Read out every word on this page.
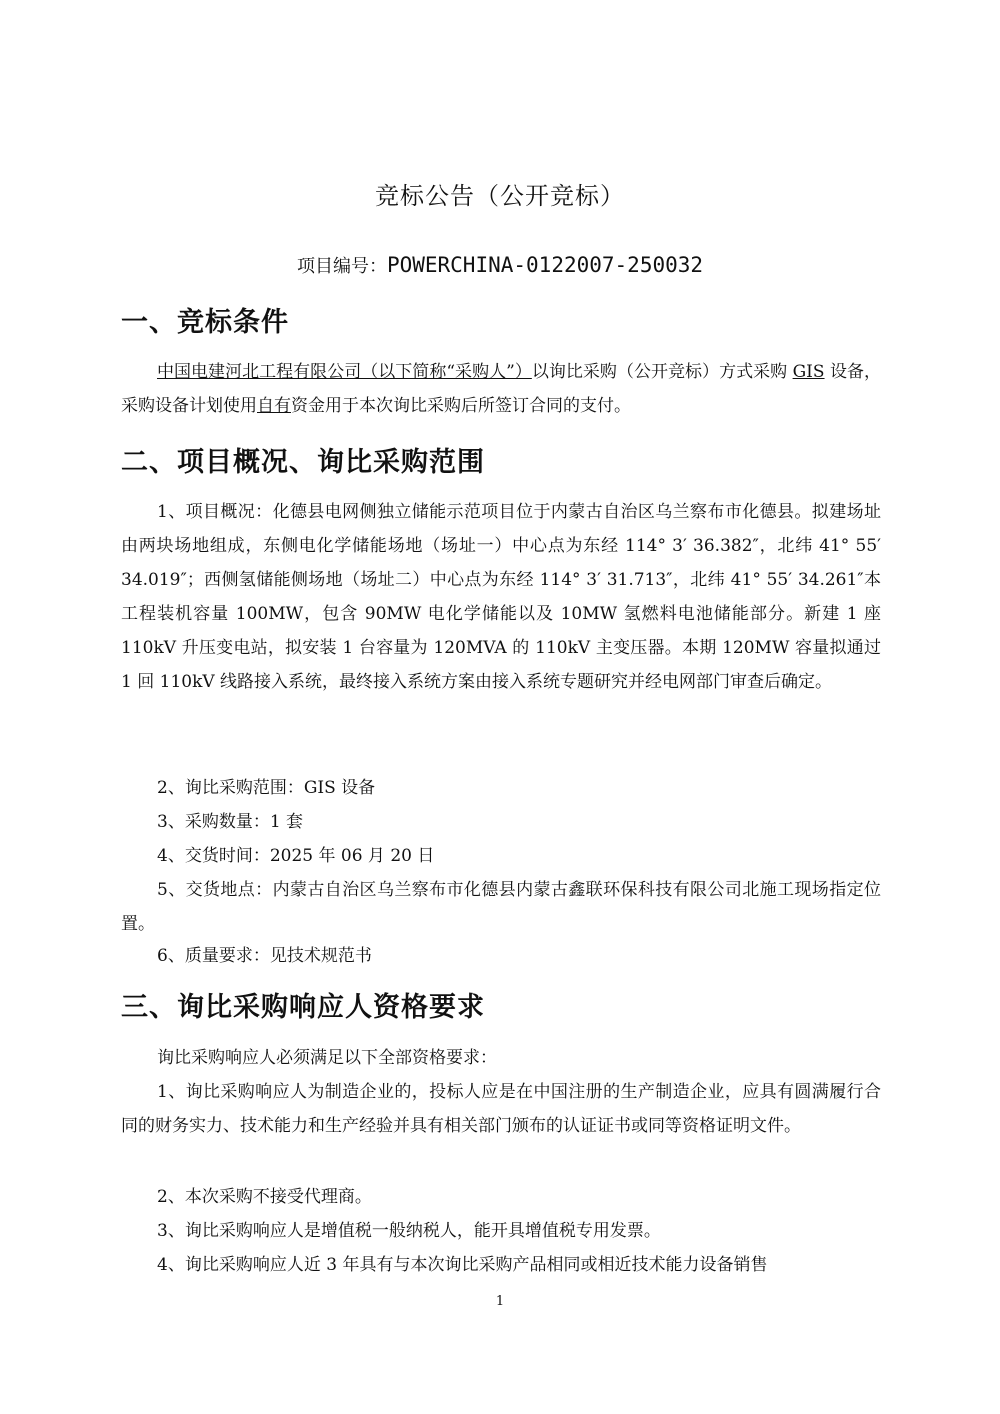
竞标公告（公开竞标）
项目编号：POWERCHINA-0122007-250032
一、竞标条件

中国电建河北工程有限公司（以下简称“采购人”）以询比采购（公开竞标）方式采购 GIS 设备，采购设备计划使用自有资金用于本次询比采购后所签订合同的支付。

二、项目概况、询比采购范围

1、项目概况：化德县电网侧独立储能示范项目位于内蒙古自治区乌兰察布市化德县。拟建场址由两块场地组成，东侧电化学储能场地（场址一）中心点为东经 114° 3′ 36.382″，北纬 41° 55′ 34.019″；西侧氢储能侧场地（场址二）中心点为东经 114° 3′ 31.713″，北纬 41° 55′ 34.261″本工程装机容量 100MW，包含 90MW 电化学储能以及 10MW 氢燃料电池储能部分。新建 1 座 110kV 升压变电站，拟安装 1 台容量为 120MVA 的 110kV 主变压器。本期 120MW 容量拟通过 1 回 110kV 线路接入系统，最终接入系统方案由接入系统专题研究并经电网部门审查后确定。

2、询比采购范围：GIS 设备

3、采购数量：1 套

4、交货时间：2025 年 06 月 20 日

5、交货地点：内蒙古自治区乌兰察布市化德县内蒙古鑫联环保科技有限公司北施工现场指定位置。

6、质量要求：见技术规范书

三、询比采购响应人资格要求

询比采购响应人必须满足以下全部资格要求：

1、询比采购响应人为制造企业的，投标人应是在中国注册的生产制造企业，应具有圆满履行合同的财务实力、技术能力和生产经验并具有相关部门颁布的认证证书或同等资格证明文件。

2、本次采购不接受代理商。

3、询比采购响应人是增值税一般纳税人，能开具增值税专用发票。

4、询比采购响应人近 3 年具有与本次询比采购产品相同或相近技术能力设备销售

1
